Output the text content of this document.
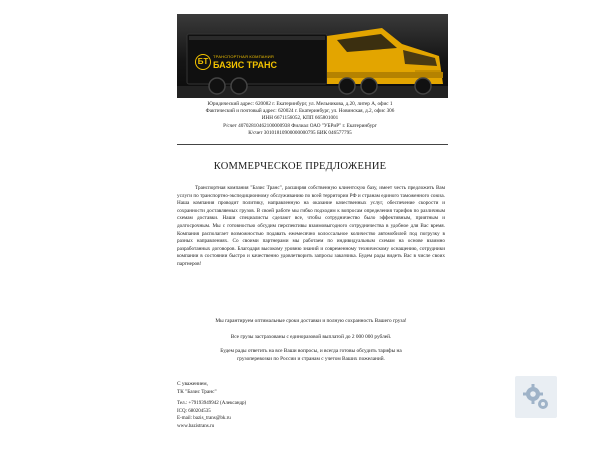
БТ
ТРАНСПОРТНАЯ КОМПАНИЯ
БАЗИС ТРАНС
Юридический адрес: 620082 г. Екатеринбург, ул. Мельникова, д.20, литер А, офис 1
Фактический и почтовый адрес: 620024 г. Екатеринбург, ул. Новинская, д.2, офис 306
ИНН 6671156052, КПП 665801001
Р/счет 40702810462100000938 Филиал ОАО "УБРиР" г. Екатеринбург
К/счет 30101810900000000795 БИК 046577795
КОММЕРЧЕСКОЕ ПРЕДЛОЖЕНИЕ
Транспортная компания "Базис Транс", расширяя собственную клиентскую базу, имеет честь предложить Вам услуги по транспортно-экспедиционному обслуживанию по всей территории РФ и странам единого таможенного союза. Наша компания проводит политику, направленную на оказание качественных услуг, обеспечение скорости и сохранности доставляемых грузов. В своей работе мы гибко подходим к вопросам определения тарифов по различным схемам доставки. Наши специалисты сделают все, чтобы сотрудничество было эффективным, приятным и долгосрочным. Мы с готовностью обсудим перспективы взаимовыгодного сотрудничества в удобное для Вас время. Компания располагает возможностью подавать ежемесячно колоссальное количество автомобилей под погрузку в разных направлениях. Со своими партнерами мы работаем по индивидуальным схемам на основе взаимно разработанных договоров. Благодаря высокому уровню знаний и современному техническому оснащению, сотрудники компании в состоянии быстро и качественно удовлетворить запросы заказчика. Будем рады видеть Вас в числе своих партнеров!
Мы гарантируем оптимальные сроки доставки и полную сохранность Вашего груза!
Все грузы застрахованы с единоразовой выплатой до 2 000 000 рублей.
Будем рады ответить на все Ваши вопросы, и всегда готовы обсудить тарифы на грузоперевозки по России и странам с учетом Ваших пожеланий.
С уважением,
ТК "Базис Транс"
Тел.: +79193949942 (Александр)
ICQ: 680204535
E-mail: bazis_trans@bk.ru
www.bazistrans.ru
